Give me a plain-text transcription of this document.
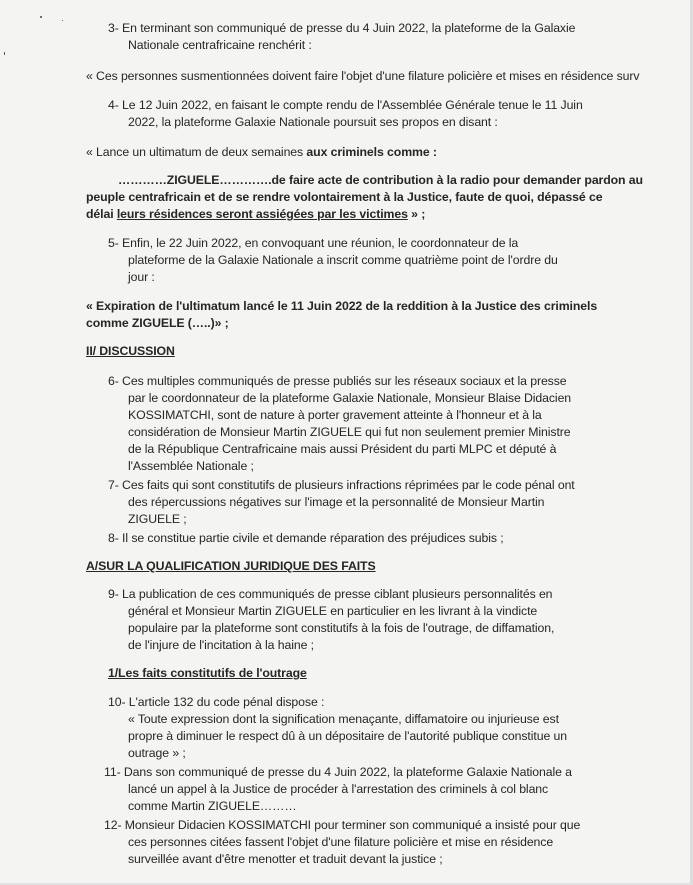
3- En terminant son communiqué de presse du 4 Juin 2022, la plateforme de la Galaxie
Nationale centrafricaine renchérit :
« Ces personnes susmentionnées doivent faire l'objet d'une filature policière et mises en résidence surv
4- Le 12 Juin 2022, en faisant le compte rendu de l'Assemblée Générale tenue le 11 Juin
2022, la plateforme Galaxie Nationale poursuit ses propos en disant :
« Lance un ultimatum de deux semaines aux criminels comme :
…………ZIGUELE………….de faire acte de contribution à la radio pour demander pardon au
peuple centrafricain et de se rendre volontairement à la Justice, faute de quoi, dépassé ce
délai leurs résidences seront assiégées par les victimes » ;
5- Enfin, le 22 Juin 2022, en convoquant une réunion, le coordonnateur de la
plateforme de la Galaxie Nationale a inscrit comme quatrième point de l'ordre du
jour :
« Expiration de l'ultimatum lancé le 11 Juin 2022 de la reddition à la Justice des criminels
comme ZIGUELE (…..)» ;
II/ DISCUSSION
6- Ces multiples communiqués de presse publiés sur les réseaux sociaux et la presse
par le coordonnateur de la plateforme Galaxie Nationale, Monsieur Blaise Didacien
KOSSIMATCHI, sont de nature à porter gravement atteinte à l'honneur et à la
considération de Monsieur Martin ZIGUELE qui fut non seulement premier Ministre
de la République Centrafricaine mais aussi Président du parti MLPC et député à
l'Assemblée Nationale ;
7- Ces faits qui sont constitutifs de plusieurs infractions réprimées par le code pénal ont
des répercussions négatives sur l'image et la personnalité de Monsieur Martin
ZIGUELE ;
8- Il se constitue partie civile et demande réparation des préjudices subis ;
A/SUR LA QUALIFICATION JURIDIQUE DES FAITS
9- La publication de ces communiqués de presse ciblant plusieurs personnalités en
général et Monsieur Martin ZIGUELE en particulier en les livrant à la vindicte
populaire par la plateforme sont constitutifs à la fois de l'outrage, de diffamation,
de l'injure de l'incitation à la haine ;
1/Les faits constitutifs de l'outrage
10- L'article 132 du code pénal dispose :
« Toute expression dont la signification menaçante, diffamatoire ou injurieuse est
propre à diminuer le respect dû à un dépositaire de l'autorité publique constitue un
outrage » ;
11- Dans son communiqué de presse du 4 Juin 2022, la plateforme Galaxie Nationale a
lancé un appel à la Justice de procéder à l'arrestation des criminels à col blanc
comme Martin ZIGUELE………
12- Monsieur Didacien KOSSIMATCHI pour terminer son communiqué a insisté pour que
ces personnes citées fassent l'objet d'une filature policière et mise en résidence
surveillée avant d'être menotter et traduit devant la justice ;
